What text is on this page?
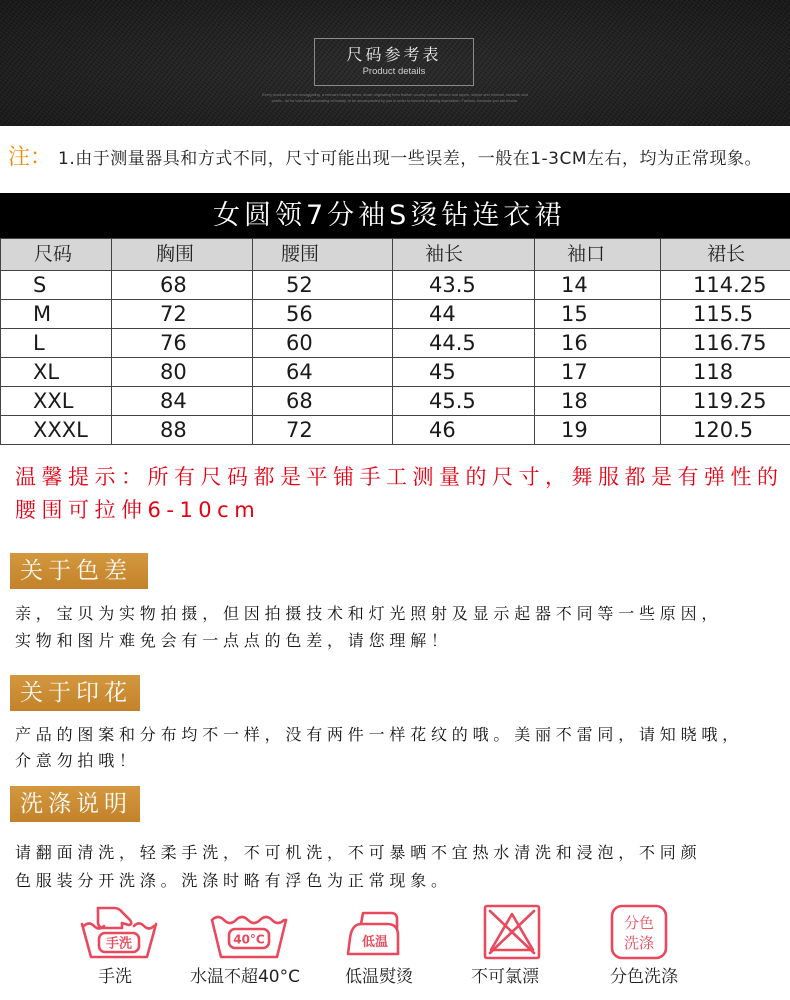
尺码参考表
Product details
Every product we are unsaggating, a relevant beauty items, those originating from leather country music, texture and layers, simple and minimal, romantic and
poetic - all for love and advocating of beauty, to be accompanied by you in order to become a lasting impression. Fashion, because you are known.
注： 1.由于测量器具和方式不同，尺寸可能出现一些误差，一般在1-3CM左右，均为正常现象。
女圆领7分袖S烫钻连衣裙
尺码	胸围	腰围	袖长	袖口	裙长
S	68	52	43.5	14	114.25
M	72	56	44	15	115.5
L	76	60	44.5	16	116.75
XL	80	64	45	17	118
XXL	84	68	45.5	18	119.25
XXXL	88	72	46	19	120.5
温馨提示：所有尺码都是平铺手工测量的尺寸，舞服都是有弹性的
腰围可拉伸6-10cm
关于色差
亲，宝贝为实物拍摄，但因拍摄技术和灯光照射及显示起器不同等一些原因，
实物和图片难免会有一点点的色差，请您理解！
关于印花
产品的图案和分布均不一样，没有两件一样花纹的哦。美丽不雷同，请知晓哦，
介意勿拍哦！
洗涤说明
请翻面清洗，轻柔手洗，不可机洗，不可暴晒不宜热水清洗和浸泡，不同颜
色服装分开洗涤。洗涤时略有浮色为正常现象。
手洗	40°C	低温
分色
洗涤
手洗	水温不超40°C	低温熨烫	不可氯漂	分色洗涤
